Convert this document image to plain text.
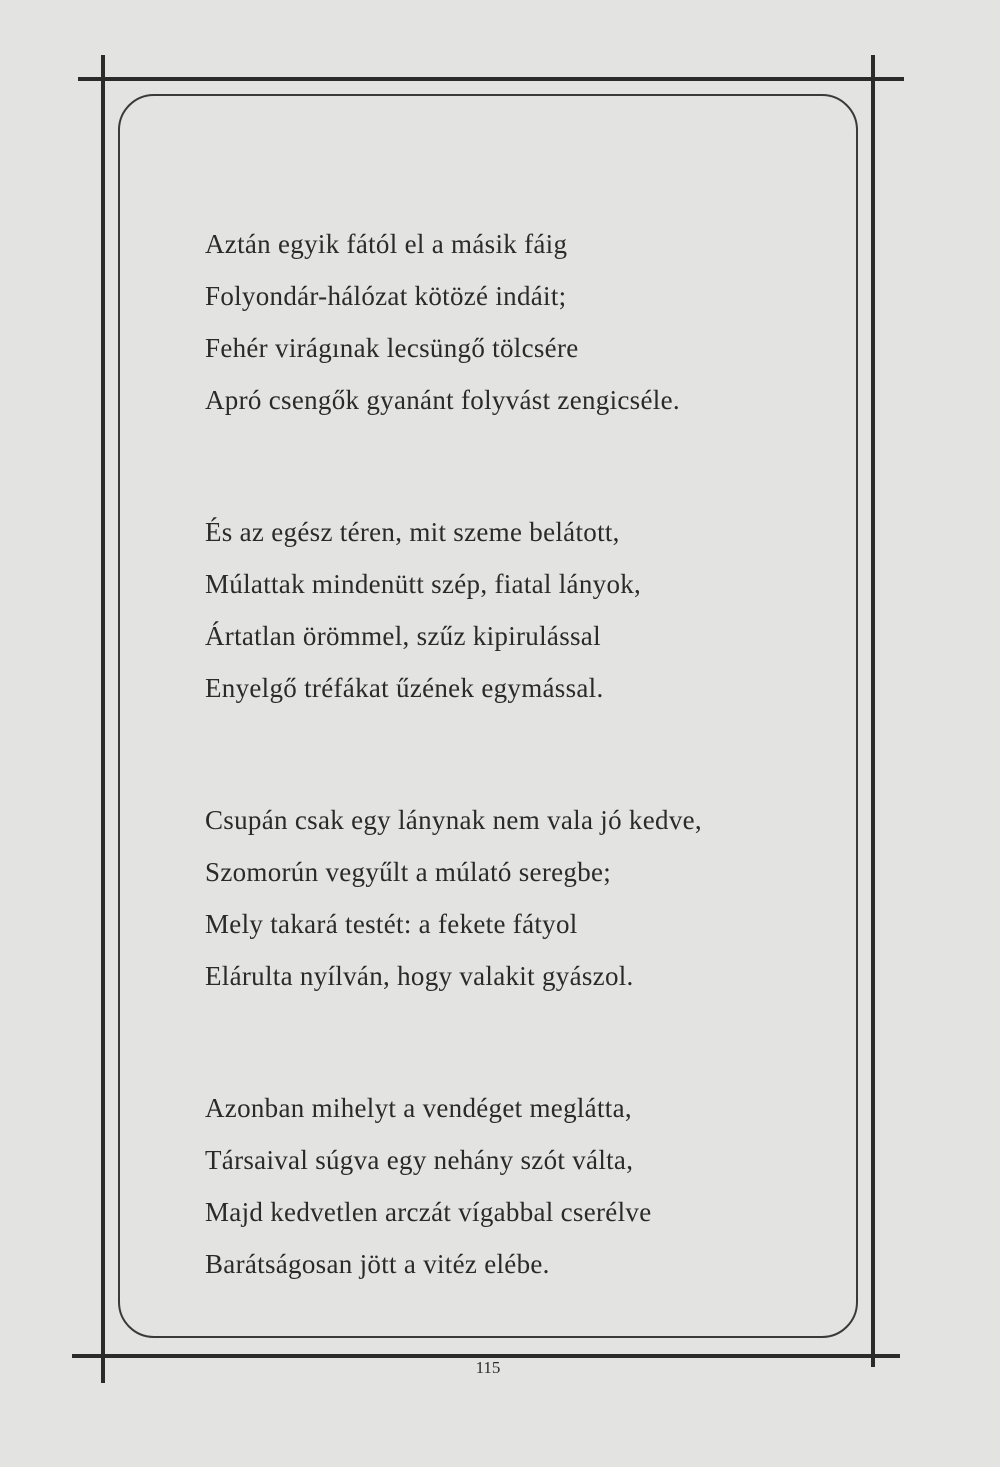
Aztán egyik fától el a másik fáig
Folyondár-hálózat kötözé indáit;
Fehér virágınak lecsüngő tölcsére
Apró csengők gyanánt folyvást zengicséle.
És az egész téren, mit szeme belátott,
Múlattak mindenütt szép, fiatal lányok,
Ártatlan örömmel, szűz kipirulással
Enyelgő tréfákat űzének egymással.
Csupán csak egy lánynak nem vala jó kedve,
Szomorún vegyűlt a múlató seregbe;
Mely takará testét: a fekete fátyol
Elárulta nyílván, hogy valakit gyászol.
Azonban mihelyt a vendéget meglátta,
Társaival súgva egy nehány szót válta,
Majd kedvetlen arczát vígabbal cserélve
Barátságosan jött a vitéz elébe.
115
